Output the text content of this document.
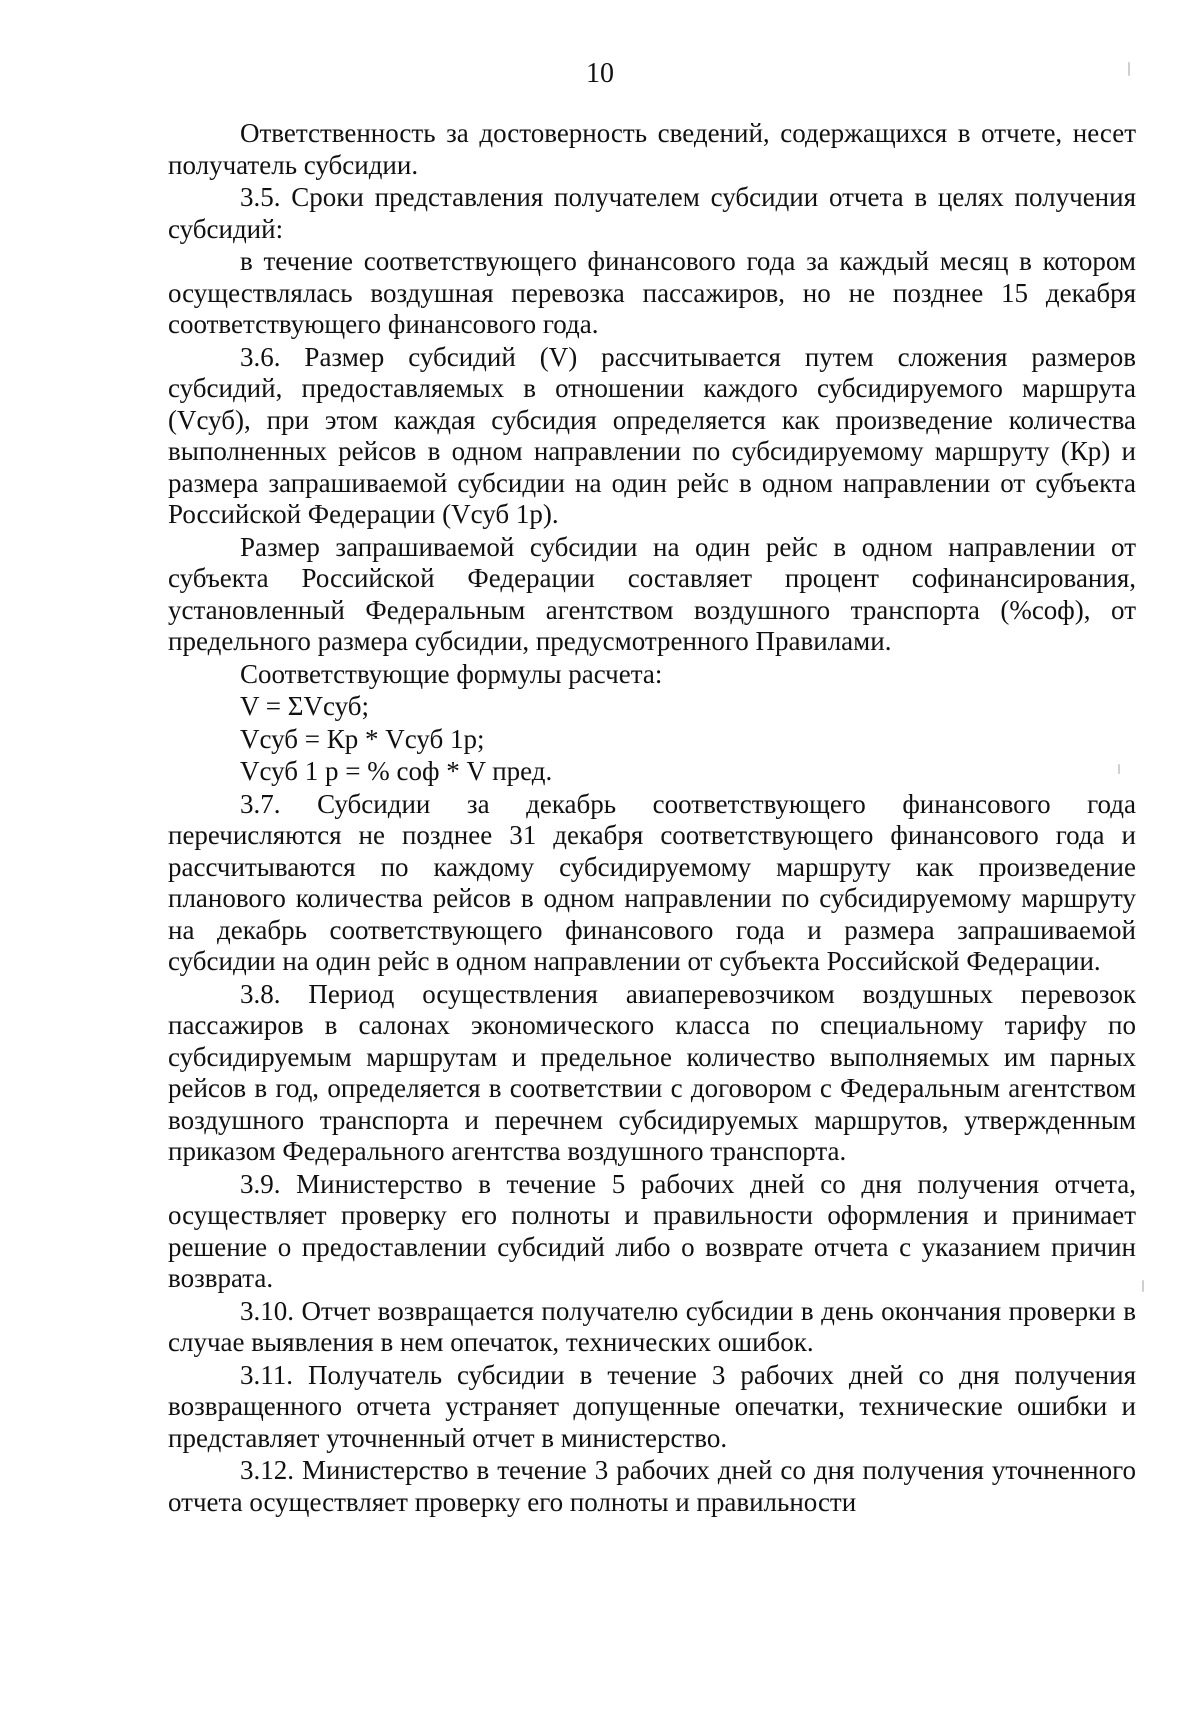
10

Ответственность за достоверность сведений, содержащихся в отчете, несет получатель субсидии.

3.5. Сроки представления получателем субсидии отчета в целях получения субсидий:

в течение соответствующего финансового года за каждый месяц в котором осуществлялась воздушная перевозка пассажиров, но не позднее 15 декабря соответствующего финансового года.

3.6. Размер субсидий (V) рассчитывается путем сложения размеров субсидий, предоставляемых в отношении каждого субсидируемого маршрута (Vсуб), при этом каждая субсидия определяется как произведение количества выполненных рейсов в одном направлении по субсидируемому маршруту (Кр) и размера запрашиваемой субсидии на один рейс в одном направлении от субъекта Российской Федерации (Vсуб 1р).

Размер запрашиваемой субсидии на один рейс в одном направлении от субъекта Российской Федерации составляет процент софинансирования, установленный Федеральным агентством воздушного транспорта (%соф), от предельного размера субсидии, предусмотренного Правилами.

Соответствующие формулы расчета:

V = ΣVсуб;

Vсуб = Кр * Vсуб 1р;

Vсуб 1 р = % соф * V пред.

3.7. Субсидии за декабрь соответствующего финансового года перечисляются не позднее 31 декабря соответствующего финансового года и рассчитываются по каждому субсидируемому маршруту как произведение планового количества рейсов в одном направлении по субсидируемому маршруту на декабрь соответствующего финансового года и размера запрашиваемой субсидии на один рейс в одном направлении от субъекта Российской Федерации.

3.8. Период осуществления авиаперевозчиком воздушных перевозок пассажиров в салонах экономического класса по специальному тарифу по субсидируемым маршрутам и предельное количество выполняемых им парных рейсов в год, определяется в соответствии с договором с Федеральным агентством воздушного транспорта и перечнем субсидируемых маршрутов, утвержденным приказом Федерального агентства воздушного транспорта.

3.9. Министерство в течение 5 рабочих дней со дня получения отчета, осуществляет проверку его полноты и правильности оформления и принимает решение о предоставлении субсидий либо о возврате отчета с указанием причин возврата.

3.10. Отчет возвращается получателю субсидии в день окончания проверки в случае выявления в нем опечаток, технических ошибок.

3.11. Получатель субсидии в течение 3 рабочих дней со дня получения возвращенного отчета устраняет допущенные опечатки, технические ошибки и представляет уточненный отчет в министерство.

3.12. Министерство в течение 3 рабочих дней со дня получения уточненного отчета осуществляет проверку его полноты и правильности
